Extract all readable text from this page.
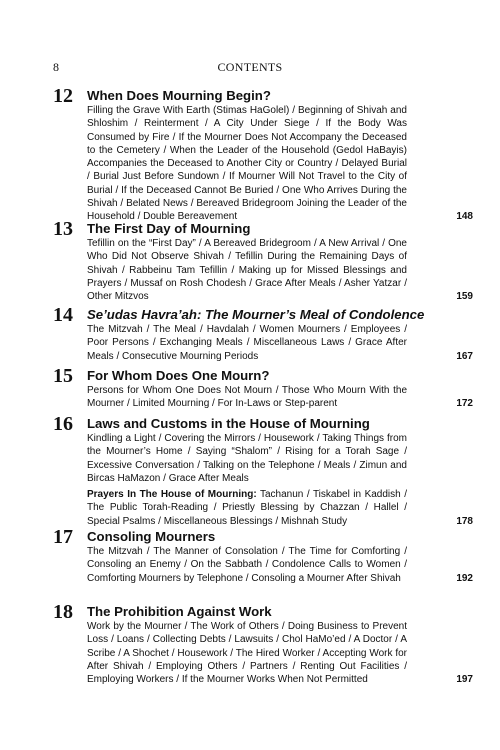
8	CONTENTS
12	When Does Mourning Begin?
Filling the Grave With Earth (Stimas HaGolel) / Beginning of Shivah and Shloshim / Reinterment / A City Under Siege / If the Body Was Consumed by Fire / If the Mourner Does Not Accompany the Deceased to the Cemetery / When the Leader of the Household (Gedol HaBayis) Accompanies the Deceased to Another City or Country / Delayed Burial / Burial Just Before Sundown / If Mourner Will Not Travel to the City of Burial / If the Deceased Cannot Be Buried / One Who Arrives During the Shivah / Belated News / Bereaved Bridegroom Joining the Leader of the Household / Double Bereavement	148
13	The First Day of Mourning
Tefillin on the “First Day” / A Bereaved Bridegroom / A New Arrival / One Who Did Not Observe Shivah / Tefillin During the Remaining Days of Shivah / Rabbeinu Tam Tefillin / Making up for Missed Blessings and Prayers / Mussaf on Rosh Chodesh / Grace After Meals / Asher Yatzar / Other Mitzvos	159
14	Se’udas Havra’ah: The Mourner’s Meal of Condolence
The Mitzvah / The Meal / Havdalah / Women Mourners / Employees / Poor Persons / Exchanging Meals / Miscellaneous Laws / Grace After Meals / Consecutive Mourning Periods	167
15	For Whom Does One Mourn?
Persons for Whom One Does Not Mourn / Those Who Mourn With the Mourner / Limited Mourning / For In-Laws or Step-parent	172
16	Laws and Customs in the House of Mourning
Kindling a Light / Covering the Mirrors / Housework / Taking Things from the Mourner’s Home / Saying “Shalom” / Rising for a Torah Sage / Excessive Conversation / Talking on the Telephone / Meals / Zimun and Bircas HaMazon / Grace After Meals
Prayers In The House of Mourning: Tachanun / Tiskabel in Kaddish / The Public Torah-Reading / Priestly Blessing by Chazzan / Hallel / Special Psalms / Miscellaneous Blessings / Mishnah Study	178
17	Consoling Mourners
The Mitzvah / The Manner of Consolation / The Time for Comforting / Consoling an Enemy / On the Sabbath / Condolence Calls to Women / Comforting Mourners by Telephone / Consoling a Mourner After Shivah	192
18	The Prohibition Against Work
Work by the Mourner / The Work of Others / Doing Business to Prevent Loss / Loans / Collecting Debts / Lawsuits / Chol HaMo’ed / A Doctor / A Scribe / A Shochet / Housework / The Hired Worker / Accepting Work for After Shivah / Employing Others / Partners / Renting Out Facilities / Employing Workers / If the Mourner Works When Not Permitted	197
